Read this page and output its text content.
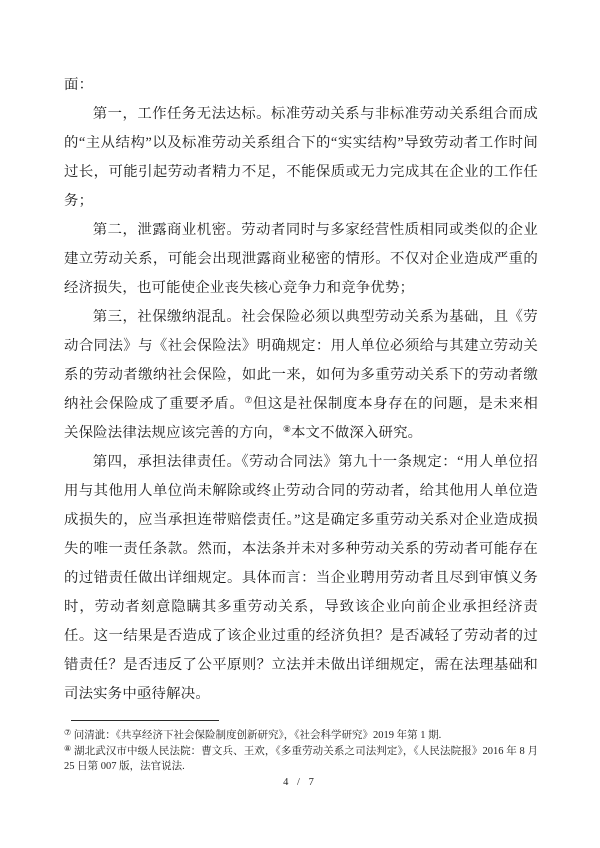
面：

第一，工作任务无法达标。标准劳动关系与非标准劳动关系组合而成的“主从结构”以及标准劳动关系组合下的“实实结构”导致劳动者工作时间过长，可能引起劳动者精力不足，不能保质或无力完成其在企业的工作任务；

第二，泄露商业机密。劳动者同时与多家经营性质相同或类似的企业建立劳动关系，可能会出现泄露商业秘密的情形。不仅对企业造成严重的经济损失，也可能使企业丧失核心竞争力和竞争优势；

第三，社保缴纳混乱。社会保险必须以典型劳动关系为基础，且《劳动合同法》与《社会保险法》明确规定：用人单位必须给与其建立劳动关系的劳动者缴纳社会保险，如此一来，如何为多重劳动关系下的劳动者缴纳社会保险成了重要矛盾。⑦但这是社保制度本身存在的问题，是未来相关保险法律法规应该完善的方向，⑧本文不做深入研究。

第四，承担法律责任。《劳动合同法》第九十一条规定：“用人单位招用与其他用人单位尚未解除或终止劳动合同的劳动者，给其他用人单位造成损失的，应当承担连带赔偿责任。”这是确定多重劳动关系对企业造成损失的唯一责任条款。然而，本法条并未对多种劳动关系的劳动者可能存在的过错责任做出详细规定。具体而言：当企业聘用劳动者且尽到审慎义务时，劳动者刻意隐瞒其多重劳动关系，导致该企业向前企业承担经济责任。这一结果是否造成了该企业过重的经济负担？是否减轻了劳动者的过错责任？是否违反了公平原则？立法并未做出详细规定，需在法理基础和司法实务中亟待解决。

⑦ 问清泚：《共享经济下社会保险制度创新研究》，《社会科学研究》2019 年第 1 期.

⑧ 湖北武汉市中级人民法院：曹文兵、王欢，《多重劳动关系之司法判定》，《人民法院报》2016 年 8 月 25 日第 007 版，法官说法.

4 / 7
